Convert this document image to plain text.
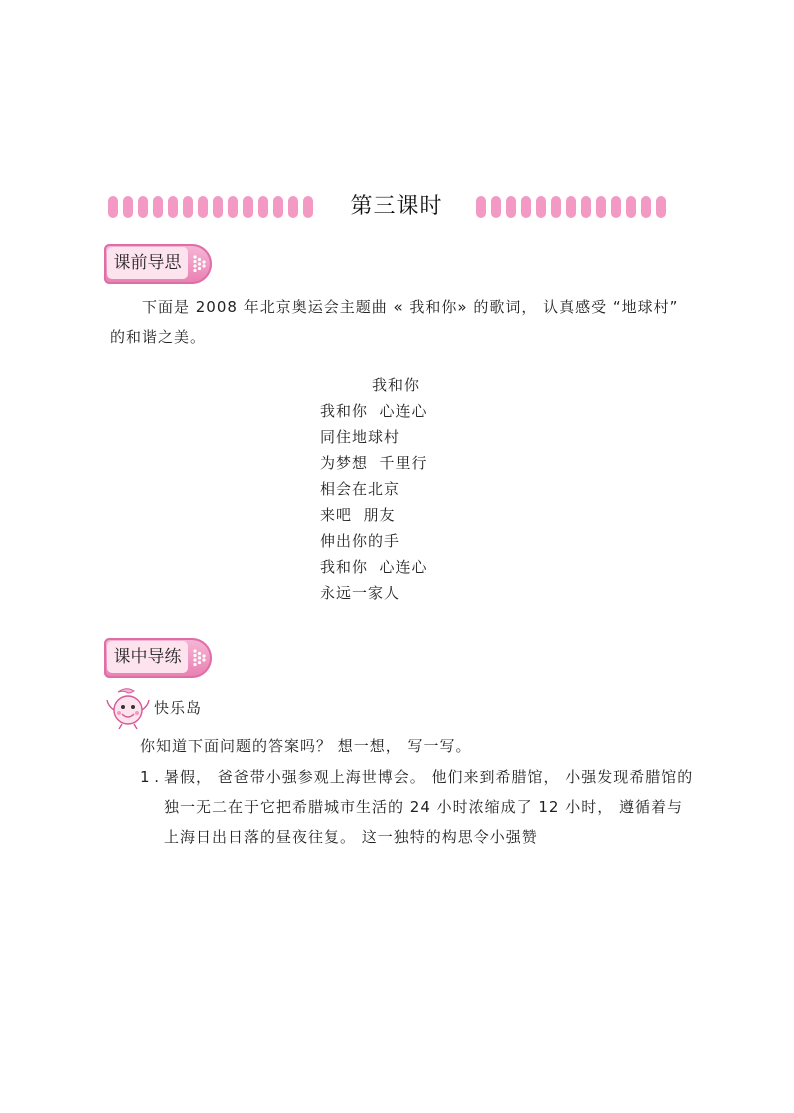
第三课时
课前导思
下面是 2008 年北京奥运会主题曲 « 我和你» 的歌词， 认真感受 “地球村” 的和谐之美。
我和你
我和你  心连心
同住地球村
为梦想  千里行
相会在北京
来吧  朋友
伸出你的手
我和你  心连心
永远一家人
课中导练
快乐岛
你知道下面问题的答案吗？ 想一想， 写一写。
1 . 暑假， 爸爸带小强参观上海世博会。 他们来到希腊馆， 小强发现希腊馆的独一无二在于它把希腊城市生活的 24 小时浓缩成了 12 小时， 遵循着与上海日出日落的昼夜往复。 这一独特的构思令小强赞
